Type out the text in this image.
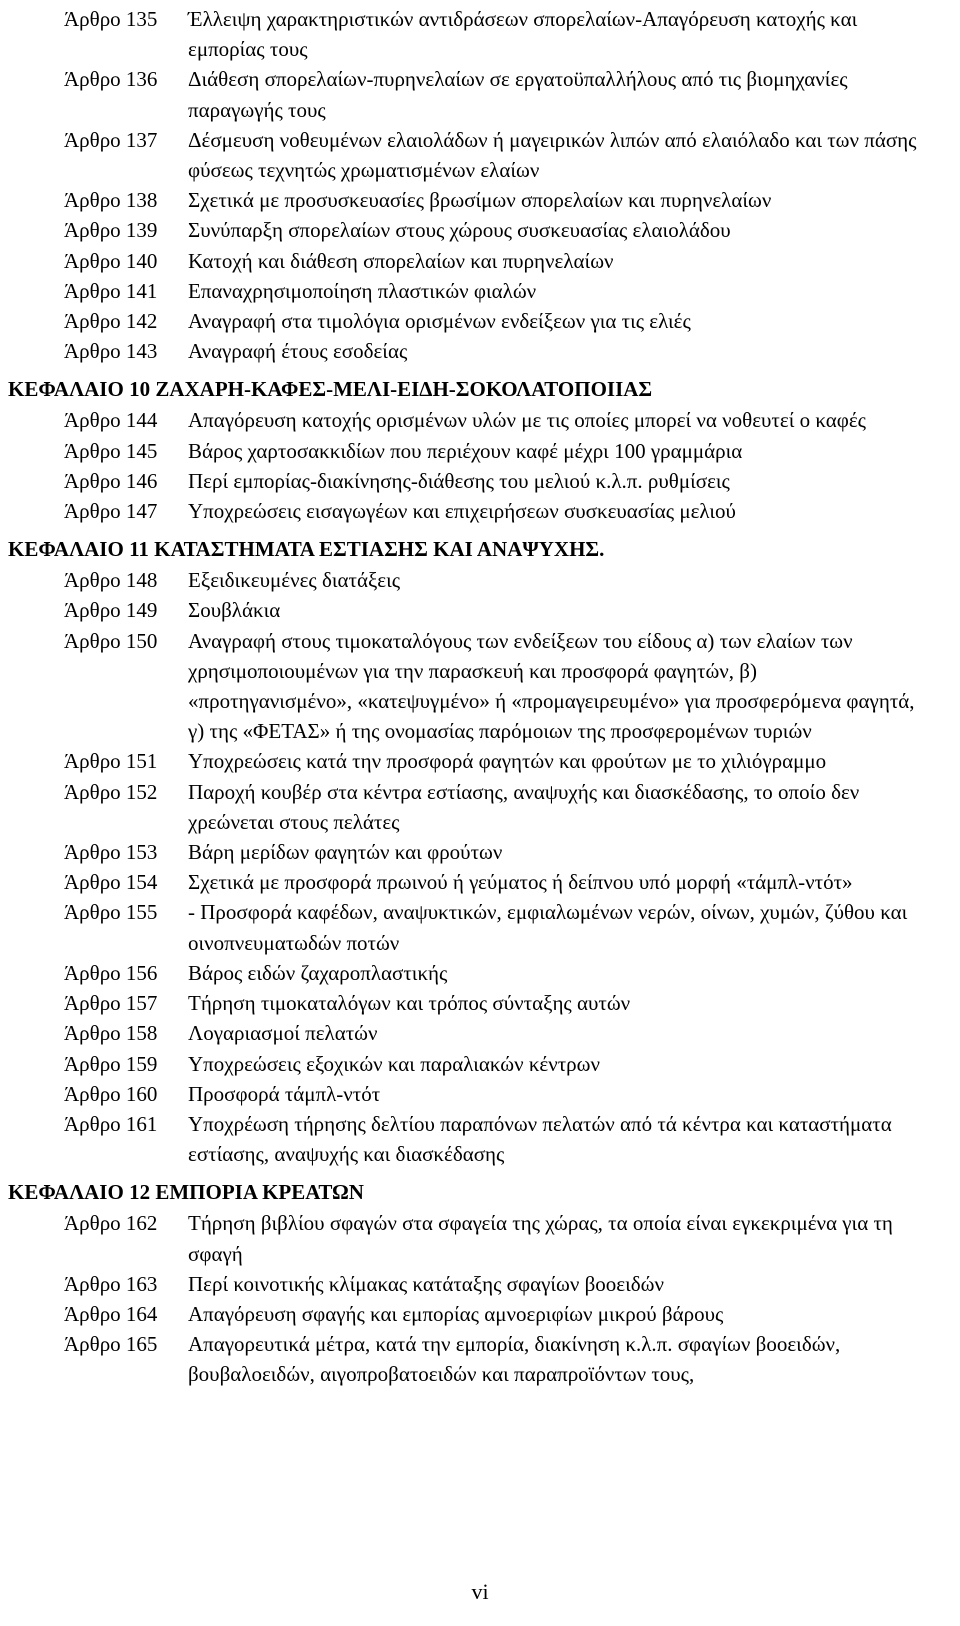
Άρθρο 135	Έλλειψη χαρακτηριστικών αντιδράσεων σπορελαίων-Απαγόρευση κατοχής και εμπορίας τους
Άρθρο 136	Διάθεση σπορελαίων-πυρηνελαίων σε εργατοϋπαλλήλους από τις βιομηχανίες παραγωγής τους
Άρθρο 137	Δέσμευση νοθευμένων ελαιολάδων ή μαγειρικών λιπών από ελαιόλαδο και των πάσης φύσεως τεχνητώς χρωματισμένων ελαίων
Άρθρο 138	Σχετικά με προσυσκευασίες βρωσίμων σπορελαίων και πυρηνελαίων
Άρθρο 139	Συνύπαρξη σπορελαίων στους χώρους συσκευασίας ελαιολάδου
Άρθρο 140	Κατοχή και διάθεση σπορελαίων και πυρηνελαίων
Άρθρο 141	Επαναχρησιμοποίηση πλαστικών φιαλών
Άρθρο 142	Αναγραφή στα τιμολόγια ορισμένων ενδείξεων για τις ελιές
Άρθρο 143	Αναγραφή έτους εσοδείας
ΚΕΦΑΛΑΙΟ 10 ΖΑΧΑΡΗ-ΚΑΦΕΣ-ΜΕΛΙ-ΕΙΔΗ-ΣΟΚΟΛΑΤΟΠΟΙΙΑΣ
Άρθρο 144	Απαγόρευση κατοχής ορισμένων υλών με τις οποίες μπορεί να νοθευτεί ο καφές
Άρθρο 145	Βάρος χαρτοσακκιδίων που περιέχουν καφέ μέχρι 100 γραμμάρια
Άρθρο 146	Περί εμπορίας-διακίνησης-διάθεσης του μελιού κ.λ.π. ρυθμίσεις
Άρθρο 147	Υποχρεώσεις εισαγωγέων και επιχειρήσεων συσκευασίας μελιού
ΚΕΦΑΛΑΙΟ 11 ΚΑΤΑΣΤΗΜΑΤΑ ΕΣΤΙΑΣΗΣ ΚΑΙ ΑΝΑΨΥΧΗΣ.
Άρθρο 148	Εξειδικευμένες διατάξεις
Άρθρο 149	Σουβλάκια
Άρθρο 150	Αναγραφή στους τιμοκαταλόγους των ενδείξεων του είδους α) των ελαίων των χρησιμοποιουμένων για την παρασκευή και προσφορά φαγητών, β) «προτηγανισμένο», «κατεψυγμένο» ή «προμαγειρευμένο» για προσφερόμενα φαγητά, γ) της «ΦΕΤΑΣ» ή της ονομασίας παρόμοιων της προσφερομένων τυριών
Άρθρο 151	Υποχρεώσεις κατά την προσφορά φαγητών και φρούτων με το χιλιόγραμμο
Άρθρο 152	Παροχή κουβέρ στα κέντρα εστίασης, αναψυχής και διασκέδασης, το οποίο δεν χρεώνεται στους πελάτες
Άρθρο 153	Βάρη μερίδων φαγητών και φρούτων
Άρθρο 154	Σχετικά με προσφορά πρωινού ή γεύματος ή δείπνου υπό μορφή «τάμπλ-ντότ»
Άρθρο 155	- Προσφορά καφέδων, αναψυκτικών, εμφιαλωμένων νερών, οίνων, χυμών, ζύθου και οινοπνευματωδών ποτών
Άρθρο 156	Βάρος ειδών ζαχαροπλαστικής
Άρθρο 157	Τήρηση τιμοκαταλόγων και τρόπος σύνταξης αυτών
Άρθρο 158	Λογαριασμοί πελατών
Άρθρο 159	Υποχρεώσεις εξοχικών και παραλιακών κέντρων
Άρθρο 160	Προσφορά τάμπλ-ντότ
Άρθρο 161	Υποχρέωση τήρησης δελτίου παραπόνων πελατών από τά κέντρα και καταστήματα εστίασης, αναψυχής και διασκέδασης
ΚΕΦΑΛΑΙΟ 12 ΕΜΠΟΡΙΑ ΚΡΕΑΤΩΝ
Άρθρο 162	Τήρηση βιβλίου σφαγών στα σφαγεία της χώρας, τα οποία είναι εγκεκριμένα για τη σφαγή
Άρθρο 163	Περί κοινοτικής κλίμακας κατάταξης σφαγίων βοοειδών
Άρθρο 164	Απαγόρευση σφαγής και εμπορίας αμνοεριφίων μικρού βάρους
Άρθρο 165	Απαγορευτικά μέτρα, κατά την εμπορία, διακίνηση κ.λ.π. σφαγίων βοοειδών, βουβαλοειδών, αιγοπροβατοειδών και παραπροϊόντων τους,
vi
